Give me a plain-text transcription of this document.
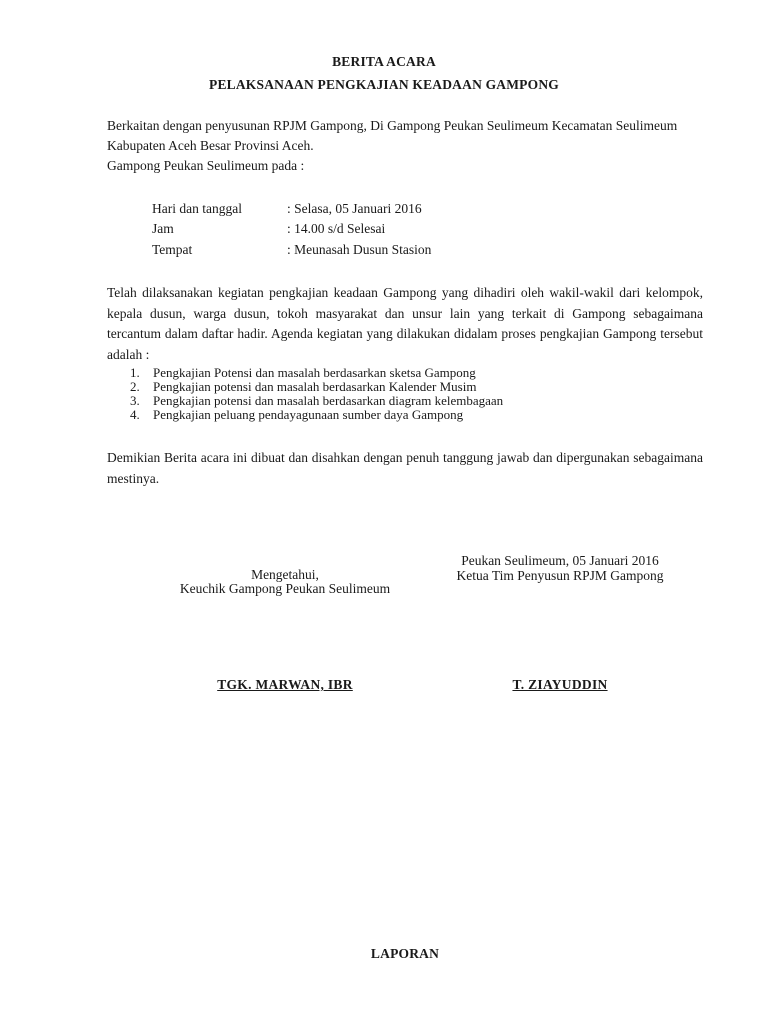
BERITA ACARA
PELAKSANAAN PENGKAJIAN KEADAAN GAMPONG
Berkaitan dengan penyusunan RPJM Gampong, Di Gampong Peukan Seulimeum Kecamatan Seulimeum
Kabupaten Aceh Besar Provinsi Aceh.
Gampong Peukan Seulimeum pada :
Hari dan tanggal	: Selasa, 05 Januari 2016
Jam	: 14.00 s/d Selesai
Tempat	: Meunasah Dusun Stasion
Telah dilaksanakan kegiatan pengkajian keadaan Gampong yang dihadiri oleh wakil-wakil dari kelompok, kepala dusun, warga dusun, tokoh masyarakat dan unsur lain yang terkait di Gampong sebagaimana tercantum dalam daftar hadir. Agenda kegiatan yang dilakukan didalam proses pengkajian Gampong tersebut adalah :
1. Pengkajian Potensi dan masalah berdasarkan sketsa Gampong
2. Pengkajian potensi dan masalah berdasarkan Kalender Musim
3. Pengkajian potensi dan masalah berdasarkan diagram kelembagaan
4. Pengkajian peluang pendayagunaan sumber daya Gampong
Demikian Berita acara ini dibuat dan disahkan dengan penuh tanggung jawab dan dipergunakan sebagaimana mestinya.
Peukan Seulimeum, 05 Januari 2016
Ketua Tim Penyusun RPJM Gampong
Mengetahui,
Keuchik Gampong Peukan Seulimeum
TGK. MARWAN, IBR	T. ZIAYUDDIN
LAPORAN
